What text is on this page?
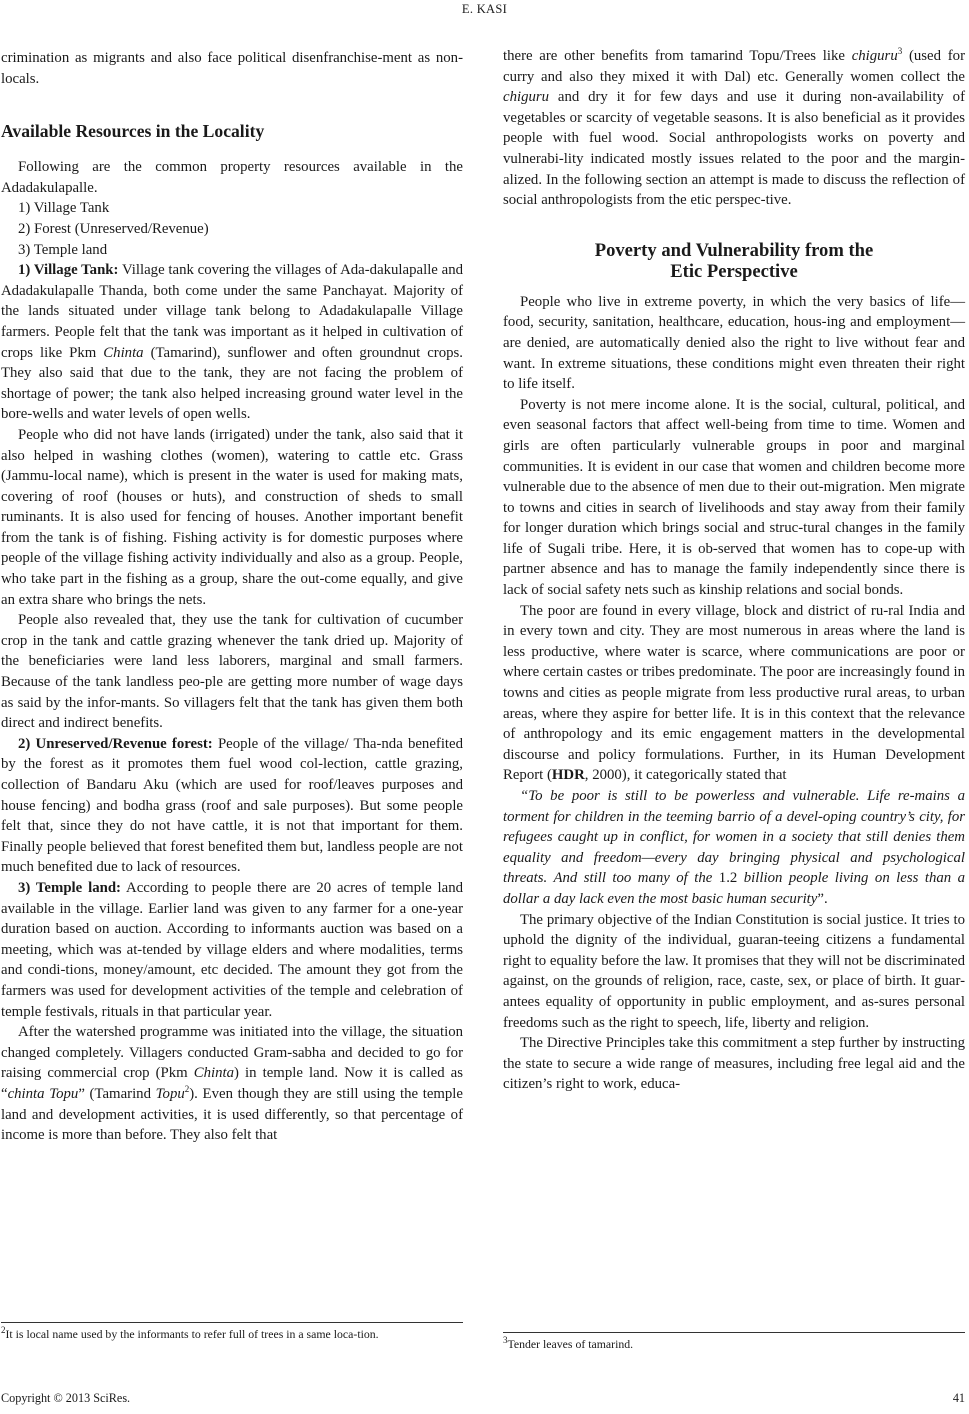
E. KASI

crimination as migrants and also face political disenfranchise-ment as non-locals.

Available Resources in the Locality

Following are the common property resources available in the Adadakulapalle.

1) Village Tank

2) Forest (Unreserved/Revenue)

3) Temple land

1) Village Tank: Village tank covering the villages of Ada-dakulapalle and Adadakulapalle Thanda, both come under the same Panchayat. Majority of the lands situated under village tank belong to Adadakulapalle Village farmers. People felt that the tank was important as it helped in cultivation of crops like Pkm Chinta (Tamarind), sunflower and often groundnut crops. They also said that due to the tank, they are not facing the problem of shortage of power; the tank also helped increasing ground water level in the bore-wells and water levels of open wells.

People who did not have lands (irrigated) under the tank, also said that it also helped in washing clothes (women), watering to cattle etc. Grass (Jammu-local name), which is present in the water is used for making mats, covering of roof (houses or huts), and construction of sheds to small ruminants. It is also used for fencing of houses. Another important benefit from the tank is of fishing. Fishing activity is for domestic purposes where people of the village fishing activity individually and also as a group. People, who take part in the fishing as a group, share the out-come equally, and give an extra share who brings the nets.

People also revealed that, they use the tank for cultivation of cucumber crop in the tank and cattle grazing whenever the tank dried up. Majority of the beneficiaries were land less laborers, marginal and small farmers. Because of the tank landless peo-ple are getting more number of wage days as said by the infor-mants. So villagers felt that the tank has given them both direct and indirect benefits.

2) Unreserved/Revenue forest: People of the village/ Tha-nda benefited by the forest as it promotes them fuel wood col-lection, cattle grazing, collection of Bandaru Aku (which are used for roof/leaves purposes and house fencing) and bodha grass (roof and sale purposes). But some people felt that, since they do not have cattle, it is not that important for them. Finally people believed that forest benefited them but, landless people are not much benefited due to lack of resources.

3) Temple land: According to people there are 20 acres of temple land available in the village. Earlier land was given to any farmer for a one-year duration based on auction. According to informants auction was based on a meeting, which was at-tended by village elders and where modalities, terms and condi-tions, money/amount, etc decided. The amount they got from the farmers was used for development activities of the temple and celebration of temple festivals, rituals in that particular year.

After the watershed programme was initiated into the village, the situation changed completely. Villagers conducted Gram-sabha and decided to go for raising commercial crop (Pkm Chinta) in temple land. Now it is called as “chinta Topu” (Tamarind Topu$^2$). Even though they are still using the temple land and development activities, it is used differently, so that percentage of income is more than before. They also felt that

there are other benefits from tamarind Topu/Trees like chiguru$^3$ (used for curry and also they mixed it with Dal) etc. Generally women collect the chiguru and dry it for few days and use it during non-availability of vegetables or scarcity of vegetable seasons. It is also beneficial as it provides people with fuel wood. Social anthropologists works on poverty and vulnerabi-lity indicated mostly issues related to the poor and the margin-alized. In the following section an attempt is made to discuss the reflection of social anthropologists from the etic perspec-tive.

Poverty and Vulnerability from the
Etic Perspective

People who live in extreme poverty, in which the very basics of life—food, security, sanitation, healthcare, education, hous-ing and employment—are denied, are automatically denied also the right to live without fear and want. In extreme situations, these conditions might even threaten their right to life itself.

Poverty is not mere income alone. It is the social, cultural, political, and even seasonal factors that affect well-being from time to time. Women and girls are often particularly vulnerable groups in poor and marginal communities. It is evident in our case that women and children become more vulnerable due to the absence of men due to their out-migration. Men migrate to towns and cities in search of livelihoods and stay away from their family for longer duration which brings social and struc-tural changes in the family life of Sugali tribe. Here, it is ob-served that women has to cope-up with partner absence and has to manage the family independently since there is lack of social safety nets such as kinship relations and social bonds.

The poor are found in every village, block and district of ru-ral India and in every town and city. They are most numerous in areas where the land is less productive, where water is scarce, where communications are poor or where certain castes or tribes predominate. The poor are increasingly found in towns and cities as people migrate from less productive rural areas, to urban areas, where they aspire for better life. It is in this context that the relevance of anthropology and its emic engagement matters in the developmental discourse and policy formulations. Further, in its Human Development Report (HDR, 2000), it categorically stated that

“To be poor is still to be powerless and vulnerable. Life re-mains a torment for children in the teeming barrio of a devel-oping country’s city, for refugees caught up in conflict, for women in a society that still denies them equality and freedom—every day bringing physical and psychological threats. And still too many of the 1.2 billion people living on less than a dollar a day lack even the most basic human security”.

The primary objective of the Indian Constitution is social justice. It tries to uphold the dignity of the individual, guaran-teeing citizens a fundamental right to equality before the law. It promises that they will not be discriminated against, on the grounds of religion, race, caste, sex, or place of birth. It guar-antees equality of opportunity in public employment, and as-sures personal freedoms such as the right to speech, life, liberty and religion.

The Directive Principles take this commitment a step further by instructing the state to secure a wide range of measures, including free legal aid and the citizen’s right to work, educa-

$^2$It is local name used by the informants to refer full of trees in a same loca-tion.	$^3$Tender leaves of tamarind.
Copyright © 2013 SciRes.	41
